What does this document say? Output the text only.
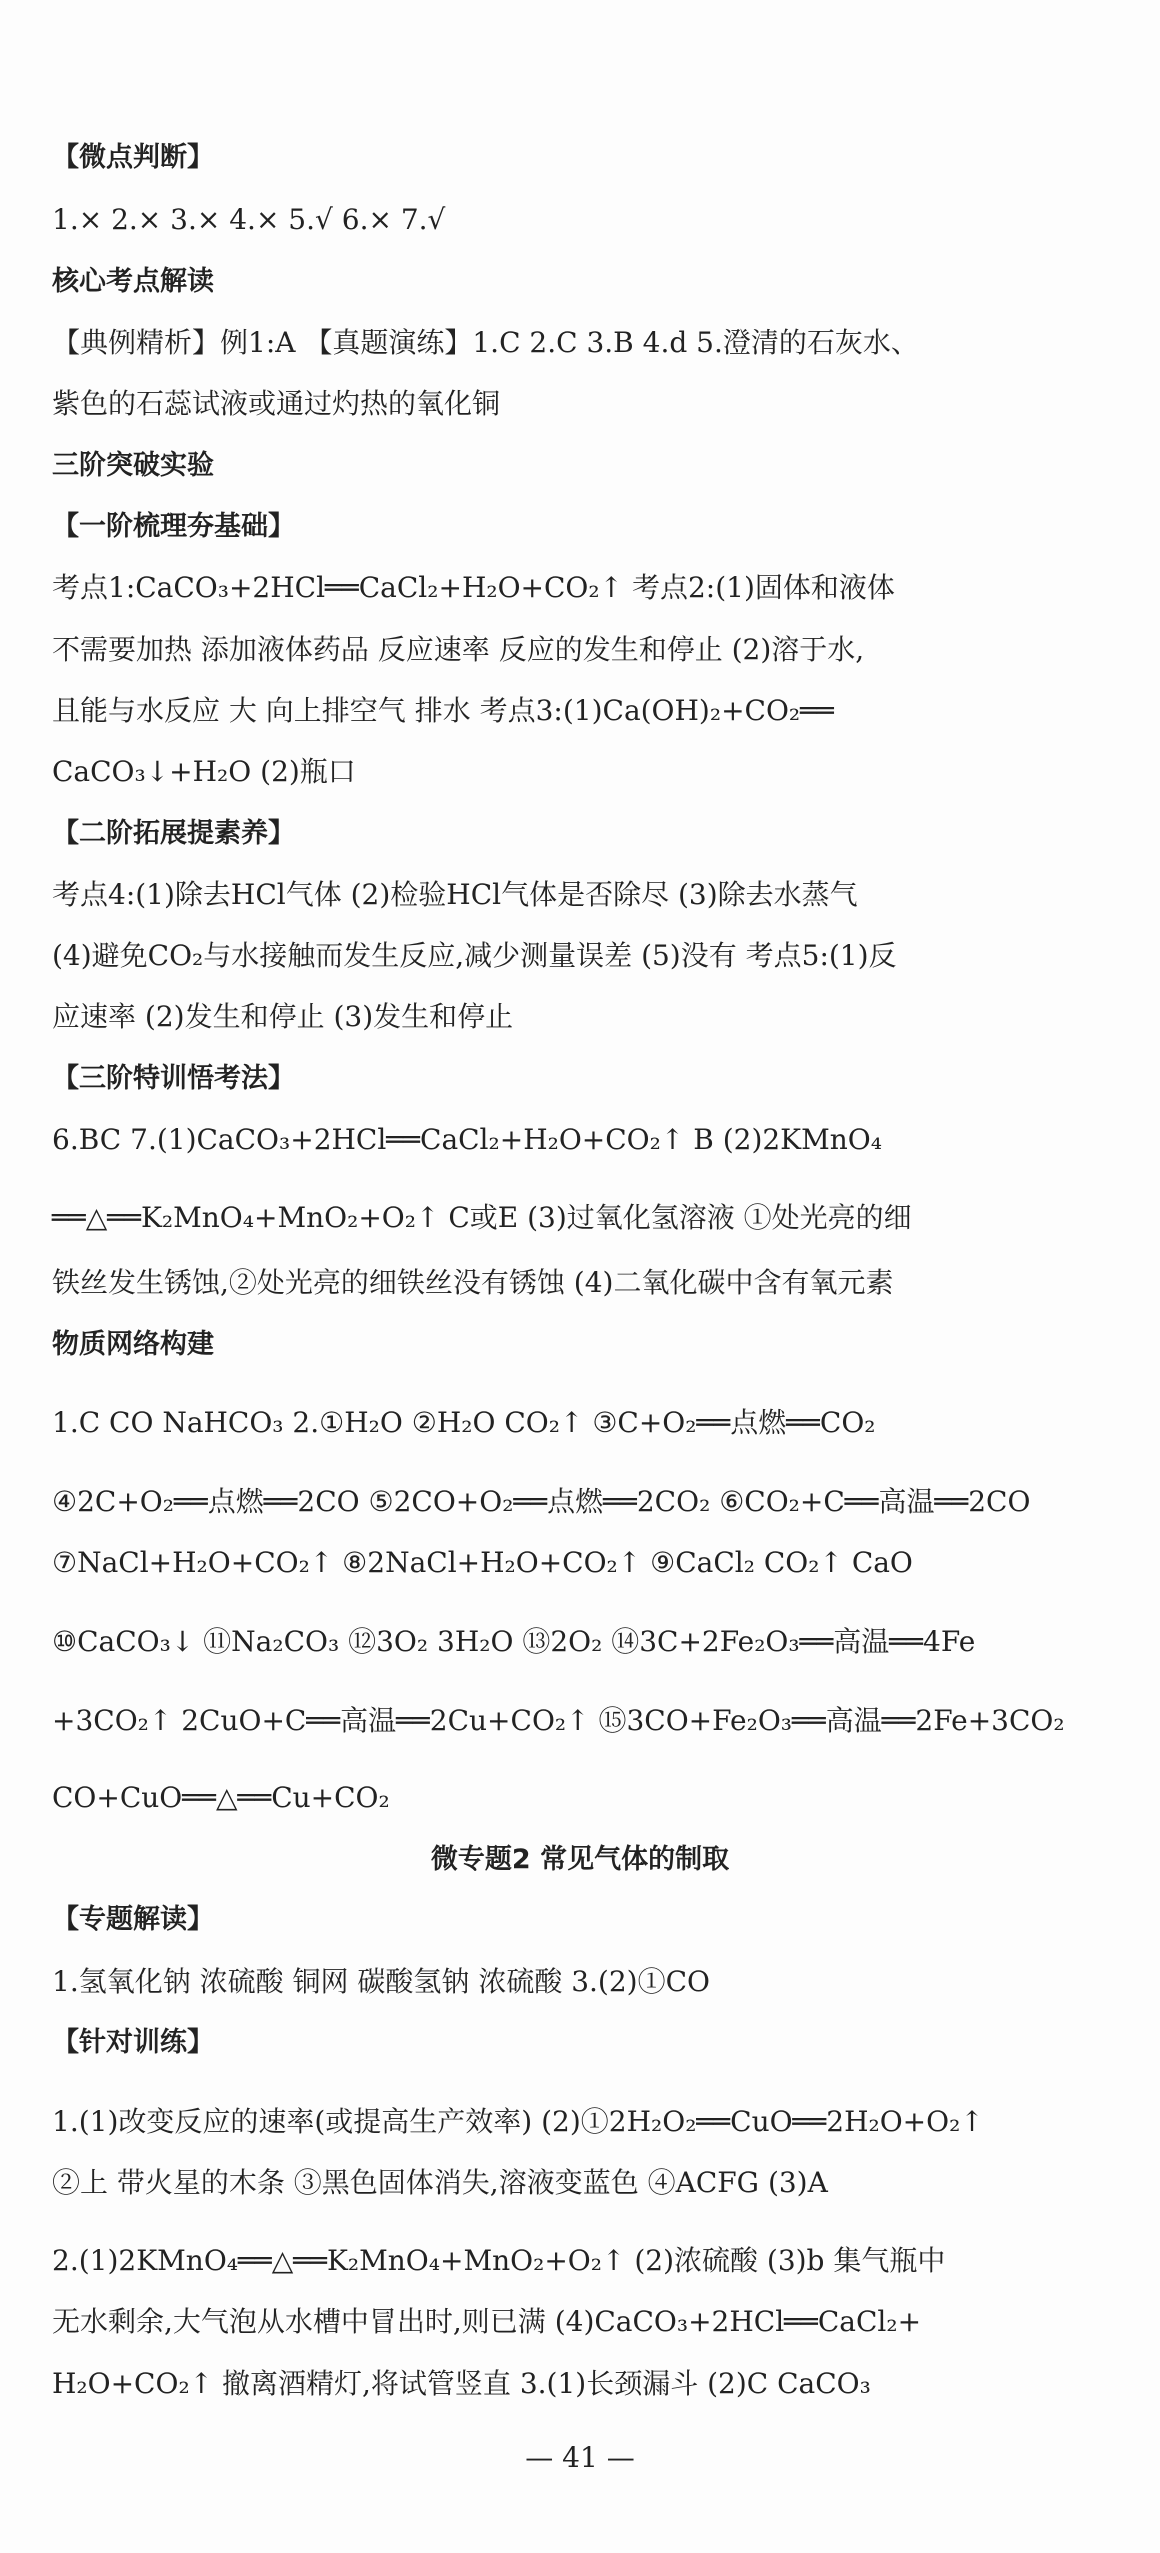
【微点判断】
1.× 2.× 3.× 4.× 5.√ 6.× 7.√
核心考点解读
【典例精析】例1:A 【真题演练】1.C 2.C 3.B 4.d 5.澄清的石灰水、
紫色的石蕊试液或通过灼热的氧化铜
三阶突破实验
【一阶梳理夯基础】
考点1:CaCO₃+2HCl══CaCl₂+H₂O+CO₂↑ 考点2:(1)固体和液体
不需要加热 添加液体药品 反应速率 反应的发生和停止 (2)溶于水,
且能与水反应 大 向上排空气 排水 考点3:(1)Ca(OH)₂+CO₂══
CaCO₃↓+H₂O (2)瓶口
【二阶拓展提素养】
考点4:(1)除去HCl气体 (2)检验HCl气体是否除尽 (3)除去水蒸气
(4)避免CO₂与水接触而发生反应,减少测量误差 (5)没有 考点5:(1)反
应速率 (2)发生和停止 (3)发生和停止
【三阶特训悟考法】
6.BC 7.(1)CaCO₃+2HCl══CaCl₂+H₂O+CO₂↑ B (2)2KMnO₄
══△══K₂MnO₄+MnO₂+O₂↑ C或E (3)过氧化氢溶液 ①处光亮的细
铁丝发生锈蚀,②处光亮的细铁丝没有锈蚀 (4)二氧化碳中含有氧元素
物质网络构建
1.C CO NaHCO₃ 2.①H₂O ②H₂O CO₂↑ ③C+O₂══点燃══CO₂
④2C+O₂══点燃══2CO ⑤2CO+O₂══点燃══2CO₂ ⑥CO₂+C══高温══2CO
⑦NaCl+H₂O+CO₂↑ ⑧2NaCl+H₂O+CO₂↑ ⑨CaCl₂ CO₂↑ CaO
⑩CaCO₃↓ ⑪Na₂CO₃ ⑫3O₂ 3H₂O ⑬2O₂ ⑭3C+2Fe₂O₃══高温══4Fe
+3CO₂↑ 2CuO+C══高温══2Cu+CO₂↑ ⑮3CO+Fe₂O₃══高温══2Fe+3CO₂
CO+CuO══△══Cu+CO₂
微专题2 常见气体的制取
【专题解读】
1.氢氧化钠 浓硫酸 铜网 碳酸氢钠 浓硫酸 3.(2)①CO
【针对训练】
1.(1)改变反应的速率(或提高生产效率) (2)①2H₂O₂══CuO══2H₂O+O₂↑
②上 带火星的木条 ③黑色固体消失,溶液变蓝色 ④ACFG (3)A
2.(1)2KMnO₄══△══K₂MnO₄+MnO₂+O₂↑ (2)浓硫酸 (3)b 集气瓶中
无水剩余,大气泡从水槽中冒出时,则已满 (4)CaCO₃+2HCl══CaCl₂+
H₂O+CO₂↑ 撤离酒精灯,将试管竖直 3.(1)长颈漏斗 (2)C CaCO₃
— 41 —
